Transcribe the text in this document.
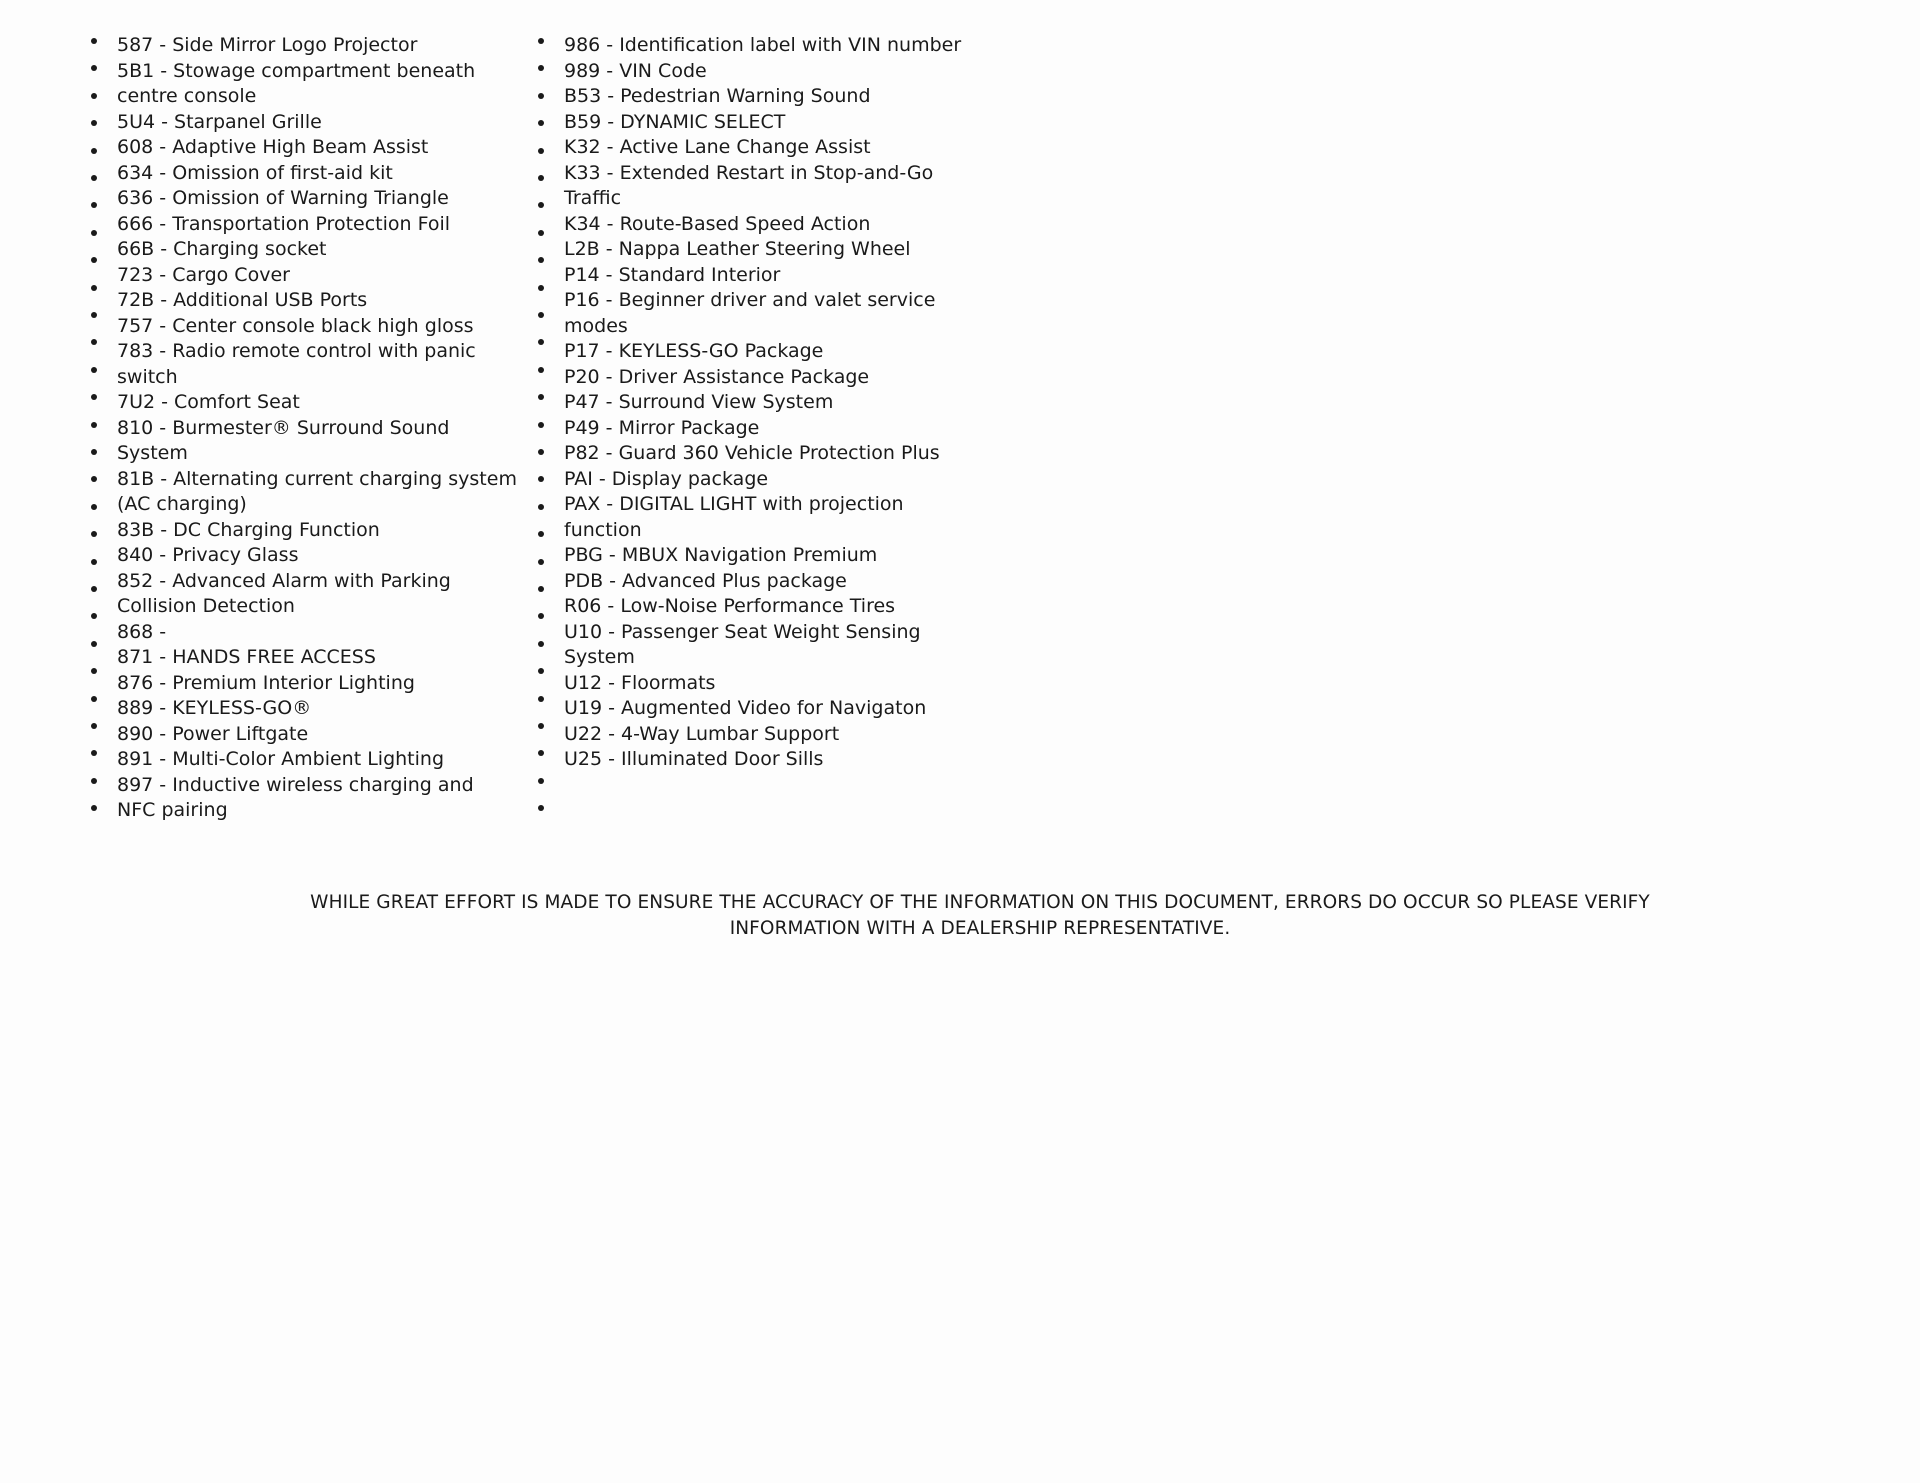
587 - Side Mirror Logo Projector
5B1 - Stowage compartment beneath centre console
5U4 - Starpanel Grille
608 - Adaptive High Beam Assist
634 - Omission of first-aid kit
636 - Omission of Warning Triangle
666 - Transportation Protection Foil
66B - Charging socket
723 - Cargo Cover
72B - Additional USB Ports
757 - Center console black high gloss
783 - Radio remote control with panic switch
7U2 - Comfort Seat
810 - Burmester® Surround Sound System
81B - Alternating current charging system (AC charging)
83B - DC Charging Function
840 - Privacy Glass
852 - Advanced Alarm with Parking Collision Detection
868 -
871 - HANDS FREE ACCESS
876 - Premium Interior Lighting
889 - KEYLESS-GO®
890 - Power Liftgate
891 - Multi-Color Ambient Lighting
897 - Inductive wireless charging and NFC pairing
986 - Identification label with VIN number
989 - VIN Code
B53 - Pedestrian Warning Sound
B59 - DYNAMIC SELECT
K32 - Active Lane Change Assist
K33 - Extended Restart in Stop-and-Go Traffic
K34 - Route-Based Speed Action
L2B - Nappa Leather Steering Wheel
P14 - Standard Interior
P16 - Beginner driver and valet service modes
P17 - KEYLESS-GO Package
P20 - Driver Assistance Package
P47 - Surround View System
P49 - Mirror Package
P82 - Guard 360 Vehicle Protection Plus
PAI - Display package
PAX - DIGITAL LIGHT with projection function
PBG - MBUX Navigation Premium
PDB - Advanced Plus package
R06 - Low-Noise Performance Tires
U10 - Passenger Seat Weight Sensing System
U12 - Floormats
U19 - Augmented Video for Navigaton
U22 - 4-Way Lumbar Support
U25 - Illuminated Door Sills
WHILE GREAT EFFORT IS MADE TO ENSURE THE ACCURACY OF THE INFORMATION ON THIS DOCUMENT, ERRORS DO OCCUR SO PLEASE VERIFY
INFORMATION WITH A DEALERSHIP REPRESENTATIVE.
